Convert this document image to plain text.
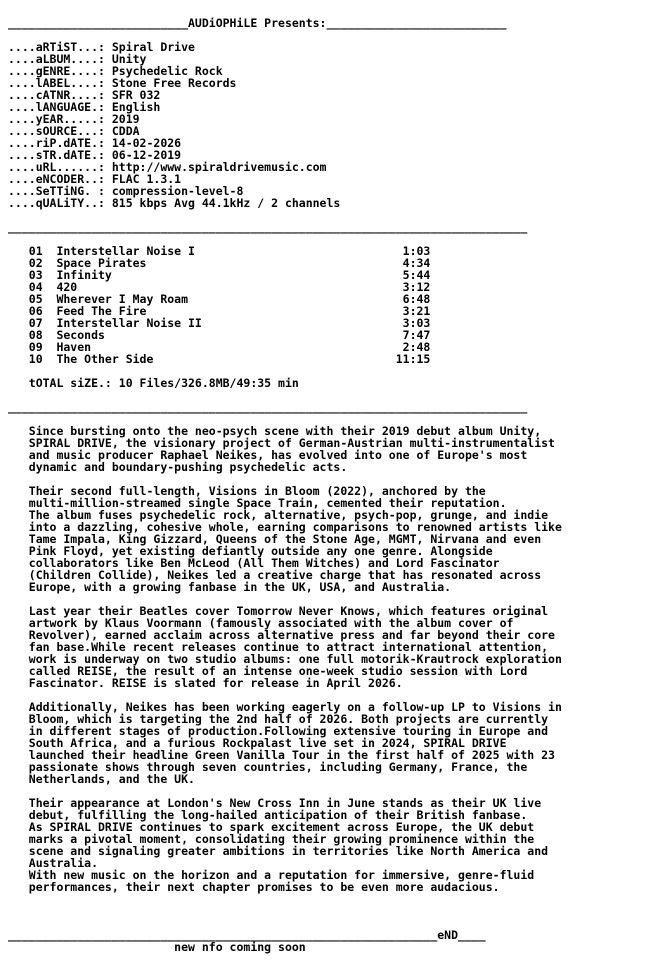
__________________________AUDiOPHiLE Presents:__________________________

....aRTiST...: Spiral Drive
....aLBUM....: Unity
....gENRE....: Psychedelic Rock
....lABEL....: Stone Free Records
....cATNR....: SFR 032
....lANGUAGE.: English
....yEAR.....: 2019
....sOURCE...: CDDA
....riP.dATE.: 14-02-2026
....sTR.dATE.: 06-12-2019
....uRL......: http://www.spiraldrivemusic.com
....eNCODER..: FLAC 1.3.1
....SeTTiNG. : compression-level-8
....qUALiTY..: 815 kbps Avg 44.1kHz / 2 channels

___________________________________________________________________________

01  Interstellar Noise I                              1:03
02  Space Pirates                                     4:34
03  Infinity                                          5:44
04  420                                               3:12
05  Wherever I May Roam                               6:48
06  Feed The Fire                                     3:21
07  Interstellar Noise II                             3:03
08  Seconds                                           7:47
09  Haven                                             2:48
10  The Other Side                                   11:15

tOTAL siZE.: 10 Files/326.8MB/49:35 min

___________________________________________________________________________

Since bursting onto the neo-psych scene with their 2019 debut album Unity,
SPIRAL DRIVE, the visionary project of German-Austrian multi-instrumentalist
and music producer Raphael Neikes, has evolved into one of Europe's most
dynamic and boundary-pushing psychedelic acts.

Their second full-length, Visions in Bloom (2022), anchored by the
multi-million-streamed single Space Train, cemented their reputation.
The album fuses psychedelic rock, alternative, psych-pop, grunge, and indie
into a dazzling, cohesive whole, earning comparisons to renowned artists like
Tame Impala, King Gizzard, Queens of the Stone Age, MGMT, Nirvana and even
Pink Floyd, yet existing defiantly outside any one genre. Alongside
collaborators like Ben McLeod (All Them Witches) and Lord Fascinator
(Children Collide), Neikes led a creative charge that has resonated across
Europe, with a growing fanbase in the UK, USA, and Australia.

Last year their Beatles cover Tomorrow Never Knows, which features original
artwork by Klaus Voormann (famously associated with the album cover of
Revolver), earned acclaim across alternative press and far beyond their core
fan base.While recent releases continue to attract international attention,
work is underway on two studio albums: one full motorik-Krautrock exploration
called REISE, the result of an intense one-week studio session with Lord
Fascinator. REISE is slated for release in April 2026.

Additionally, Neikes has been working eagerly on a follow-up LP to Visions in
Bloom, which is targeting the 2nd half of 2026. Both projects are currently
in different stages of production.Following extensive touring in Europe and
South Africa, and a furious Rockpalast live set in 2024, SPIRAL DRIVE
launched their headline Green Vanilla Tour in the first half of 2025 with 23
passionate shows through seven countries, including Germany, France, the
Netherlands, and the UK.

Their appearance at London's New Cross Inn in June stands as their UK live
debut, fulfilling the long-hailed anticipation of their British fanbase.
As SPIRAL DRIVE continues to spark excitement across Europe, the UK debut
marks a pivotal moment, consolidating their growing prominence within the
scene and signaling greater ambitions in territories like North America and
Australia.
With new music on the horizon and a reputation for immersive, genre-fluid
performances, their next chapter promises to be even more audacious.

______________________________________________________________eND____
new nfo coming soon
